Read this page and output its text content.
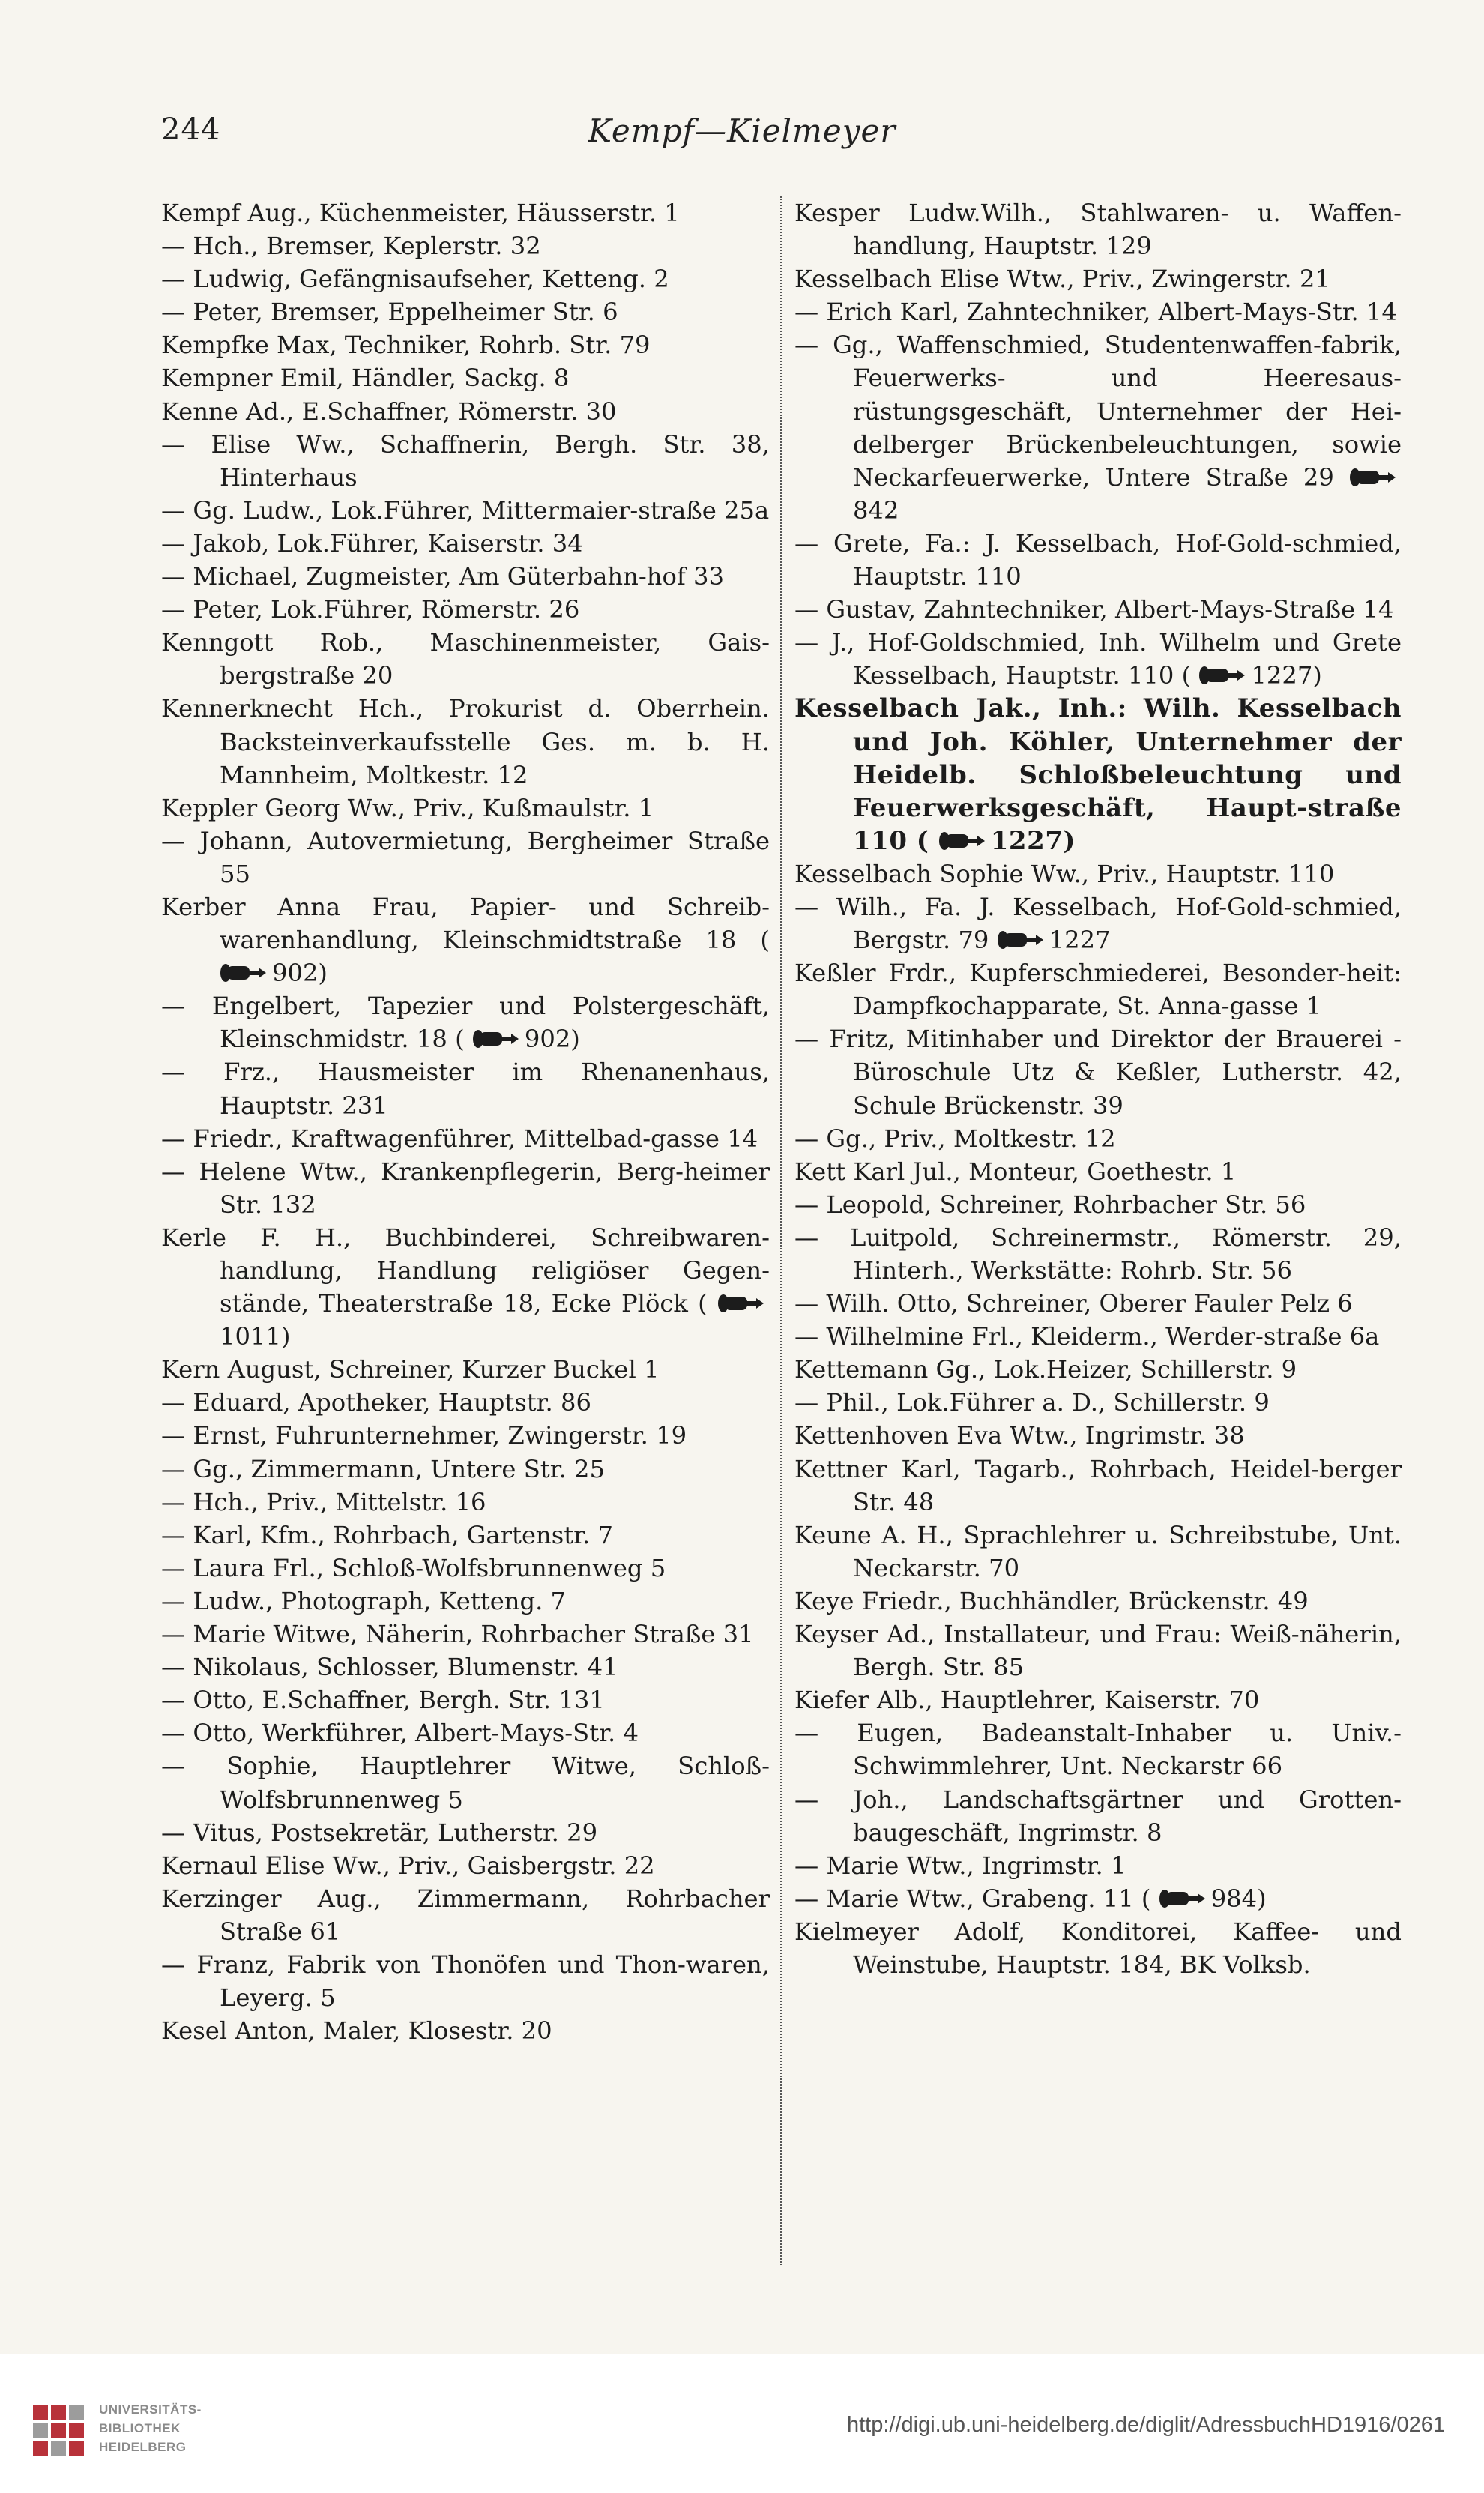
244	Kempf—Kielmeyer
Kempf Aug., Küchenmeister, Häusserstr. 1
— Hch., Bremser, Keplerstr. 32
— Ludwig, Gefängnisaufseher, Ketteng. 2
— Peter, Bremser, Eppelheimer Str. 6
Kempfke Max, Techniker, Rohrb. Str. 79
Kempner Emil, Händler, Sackg. 8
Kenne Ad., E.Schaffner, Römerstr. 30
— Elise Ww., Schaffnerin, Bergh. Str. 38, Hinterhaus
— Gg. Ludw., Lok.Führer, Mittermaier-straße 25a
— Jakob, Lok.Führer, Kaiserstr. 34
— Michael, Zugmeister, Am Güterbahn-hof 33
— Peter, Lok.Führer, Römerstr. 26
Kenngott Rob., Maschinenmeister, Gais-bergstraße 20
Kennerknecht Hch., Prokurist d. Oberrhein. Backsteinverkaufsstelle Ges. m. b. H. Mannheim, Moltkestr. 12
Keppler Georg Ww., Priv., Kußmaulstr. 1
— Johann, Autovermietung, Bergheimer Straße 55
Kerber Anna Frau, Papier- und Schreib-warenhandlung, Kleinschmidtstraße 18 ( 902)
— Engelbert, Tapezier und Polstergeschäft, Kleinschmidstr. 18 ( 902)
— Frz., Hausmeister im Rhenanenhaus, Hauptstr. 231
— Friedr., Kraftwagenführer, Mittelbad-gasse 14
— Helene Wtw., Krankenpflegerin, Berg-heimer Str. 132
Kerle F. H., Buchbinderei, Schreibwaren-handlung, Handlung religiöser Gegen-stände, Theaterstraße 18, Ecke Plöck ( 1011)
Kern August, Schreiner, Kurzer Buckel 1
— Eduard, Apotheker, Hauptstr. 86
— Ernst, Fuhrunternehmer, Zwingerstr. 19
— Gg., Zimmermann, Untere Str. 25
— Hch., Priv., Mittelstr. 16
— Karl, Kfm., Rohrbach, Gartenstr. 7
— Laura Frl., Schloß-Wolfsbrunnenweg 5
— Ludw., Photograph, Ketteng. 7
— Marie Witwe, Näherin, Rohrbacher Straße 31
— Nikolaus, Schlosser, Blumenstr. 41
— Otto, E.Schaffner, Bergh. Str. 131
— Otto, Werkführer, Albert-Mays-Str. 4
— Sophie, Hauptlehrer Witwe, Schloß-Wolfsbrunnenweg 5
— Vitus, Postsekretär, Lutherstr. 29
Kernaul Elise Ww., Priv., Gaisbergstr. 22
Kerzinger Aug., Zimmermann, Rohrbacher Straße 61
— Franz, Fabrik von Thonöfen und Thon-waren, Leyerg. 5
Kesel Anton, Maler, Klosestr. 20
Kesper Ludw.Wilh., Stahlwaren- u. Waffen-handlung, Hauptstr. 129
Kesselbach Elise Wtw., Priv., Zwingerstr. 21
— Erich Karl, Zahntechniker, Albert-Mays-Str. 14
— Gg., Waffenschmied, Studentenwaffen-fabrik, Feuerwerks- und Heeresaus-rüstungsgeschäft, Unternehmer der Hei-delberger Brückenbeleuchtungen, sowie Neckarfeuerwerke, Untere Straße 29 842
— Grete, Fa.: J. Kesselbach, Hof-Gold-schmied, Hauptstr. 110
— Gustav, Zahntechniker, Albert-Mays-Straße 14
— J., Hof-Goldschmied, Inh. Wilhelm und Grete Kesselbach, Hauptstr. 110 ( 1227)
Kesselbach Jak., Inh.: Wilh. Kesselbach und Joh. Köhler, Unternehmer der Heidelb. Schloßbeleuchtung und Feuerwerksgeschäft, Haupt-straße 110 ( 1227)
Kesselbach Sophie Ww., Priv., Hauptstr. 110
— Wilh., Fa. J. Kesselbach, Hof-Gold-schmied, Bergstr. 79 1227
Keßler Frdr., Kupferschmiederei, Besonder-heit: Dampfkochapparate, St. Anna-gasse 1
— Fritz, Mitinhaber und Direktor der Brauerei - Büroschule Utz & Keßler, Lutherstr. 42, Schule Brückenstr. 39
— Gg., Priv., Moltkestr. 12
Kett Karl Jul., Monteur, Goethestr. 1
— Leopold, Schreiner, Rohrbacher Str. 56
— Luitpold, Schreinermstr., Römerstr. 29, Hinterh., Werkstätte: Rohrb. Str. 56
— Wilh. Otto, Schreiner, Oberer Fauler Pelz 6
— Wilhelmine Frl., Kleiderm., Werder-straße 6a
Kettemann Gg., Lok.Heizer, Schillerstr. 9
— Phil., Lok.Führer a. D., Schillerstr. 9
Kettenhoven Eva Wtw., Ingrimstr. 38
Kettner Karl, Tagarb., Rohrbach, Heidel-berger Str. 48
Keune A. H., Sprachlehrer u. Schreibstube, Unt. Neckarstr. 70
Keye Friedr., Buchhändler, Brückenstr. 49
Keyser Ad., Installateur, und Frau: Weiß-näherin, Bergh. Str. 85
Kiefer Alb., Hauptlehrer, Kaiserstr. 70
— Eugen, Badeanstalt-Inhaber u. Univ.-Schwimmlehrer, Unt. Neckarstr 66
— Joh., Landschaftsgärtner und Grotten-baugeschäft, Ingrimstr. 8
— Marie Wtw., Ingrimstr. 1
— Marie Wtw., Grabeng. 11 ( 984)
Kielmeyer Adolf, Konditorei, Kaffee- und Weinstube, Hauptstr. 184, BK Volksb.
UNIVERSITÄTS-
BIBLIOTHEK
HEIDELBERG
http://digi.ub.uni-heidelberg.de/diglit/AdressbuchHD1916/0261
